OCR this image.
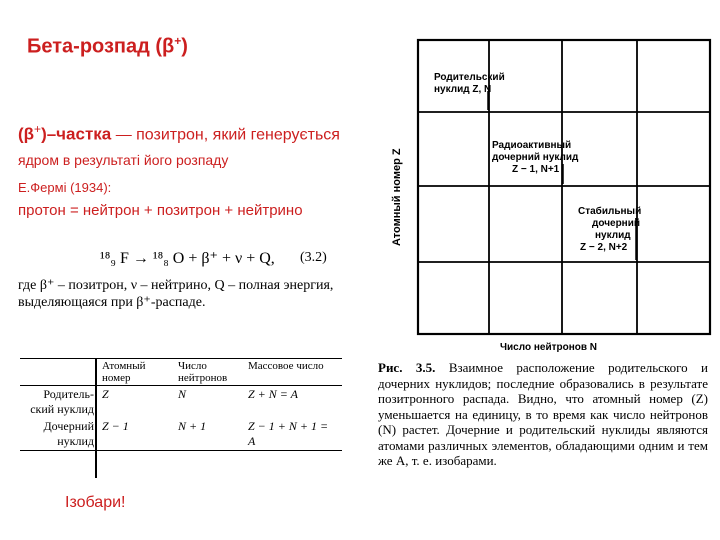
Бета-розпад (β+)
(β+)–частка — позитрон, який генерується
ядром в результаті його розпаду
Е.Фермі (1934):
протон = нейтрон + позитрон + нейтрино
¹⁸₉ F → ¹⁸₈ O + β⁺ + ν + Q, (3.2)
где β⁺ – позитрон, ν – нейтрино, Q – полная энергия, выделяющаяся при β⁺-распаде.
	Атомный номер	Число нейтронов	Массовое число
Родитель-ский нуклид	Z	N	Z + N = A
Дочерний нуклид	Z − 1	N + 1	Z − 1 + N + 1 = A
Ізобари!
Атомный номер Z
Число нейтронов N
Родительский
нуклид Z, N
Радиоактивный
дочерний нуклид
Z − 1, N+1
Стабильный
дочерний
нуклид
Z − 2, N+2
Рис. 3.5. Взаимное расположение родительского и дочерних нуклидов; последние образовались в результате позитронного распада. Видно, что атомный номер (Z) уменьшается на единицу, в то время как число нейтронов (N) растет. Дочерние и родительский нуклиды являются атомами различных элементов, обладающими одним и тем же A, т. е. изобарами.
